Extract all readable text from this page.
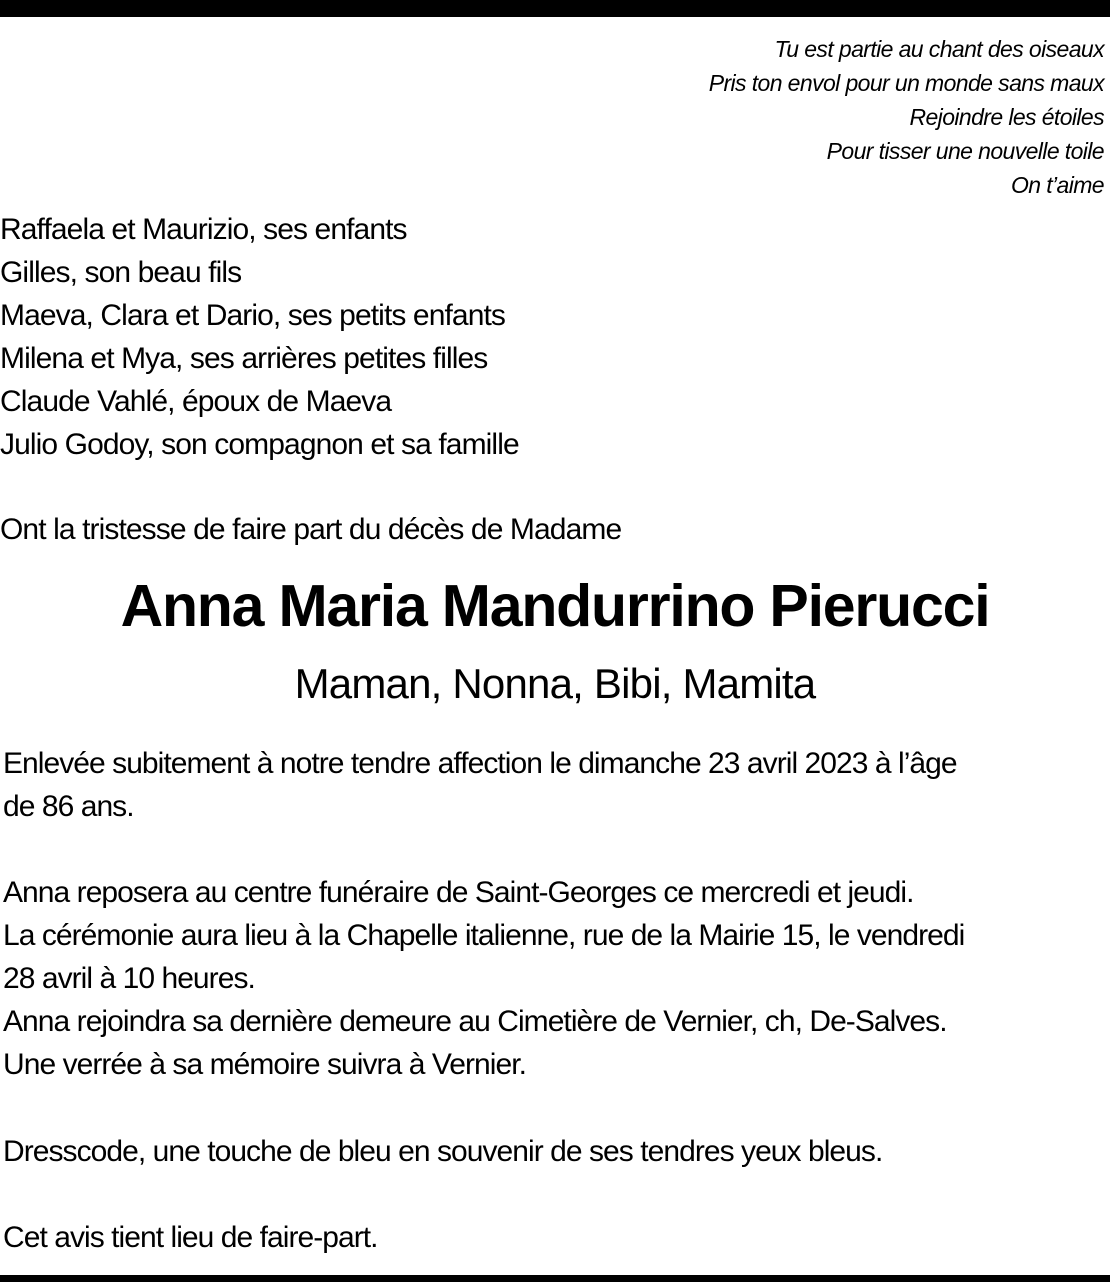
Tu est partie au chant des oiseaux
Pris ton envol pour un monde sans maux
Rejoindre les étoiles
Pour tisser une nouvelle toile
On t’aime
Raffaela et Maurizio, ses enfants
Gilles, son beau fils
Maeva, Clara et Dario, ses petits enfants
Milena et Mya, ses arrières petites filles
Claude Vahlé, époux de Maeva
Julio Godoy, son compagnon et sa famille
Ont la tristesse de faire part du décès de Madame
Anna Maria Mandurrino Pierucci
Maman, Nonna, Bibi, Mamita
Enlevée subitement à notre tendre affection le dimanche 23 avril 2023 à l’âge
de 86 ans.
Anna reposera au centre funéraire de Saint-Georges ce mercredi et jeudi.
La cérémonie aura lieu à la Chapelle italienne, rue de la Mairie 15, le vendredi
28 avril à 10 heures.
Anna rejoindra sa dernière demeure au Cimetière de Vernier, ch, De-Salves.
Une verrée à sa mémoire suivra à Vernier.
Dresscode, une touche de bleu en souvenir de ses tendres yeux bleus.
Cet avis tient lieu de faire-part.
